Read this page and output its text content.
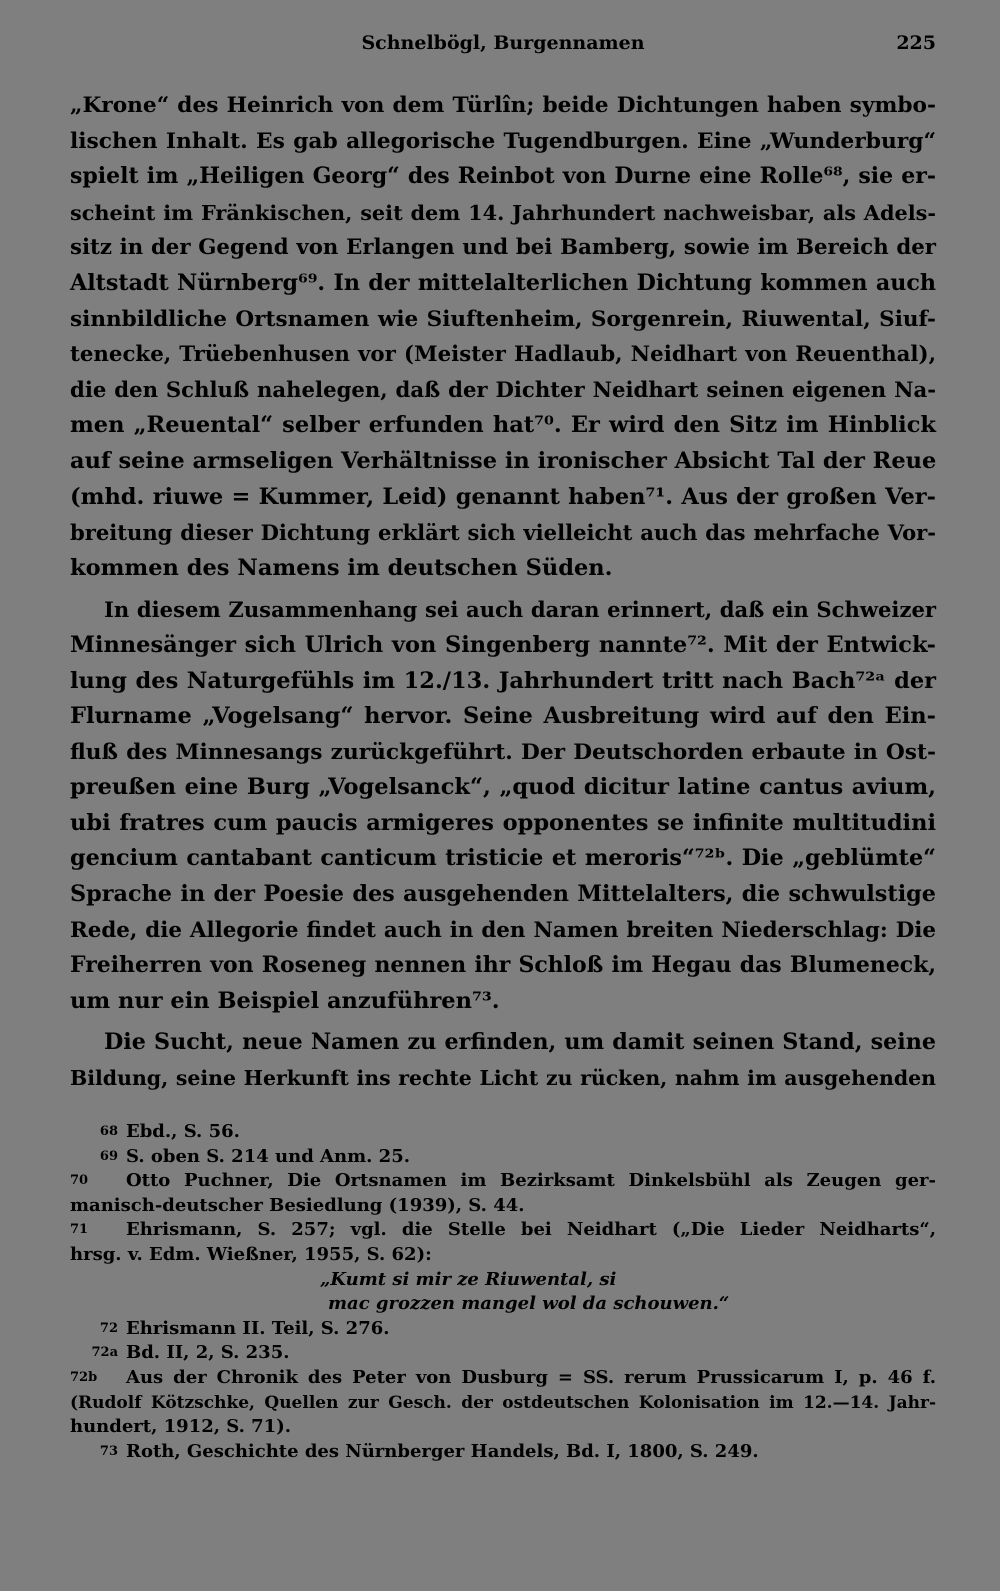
Schnelbögl, Burgennamen	225

„Krone“ des Heinrich von dem Türlîn; beide Dichtungen haben symbo-
lischen Inhalt. Es gab allegorische Tugendburgen. Eine „Wunderburg“
spielt im „Heiligen Georg“ des Reinbot von Durne eine Rolle⁶⁸, sie er-
scheint im Fränkischen, seit dem 14. Jahrhundert nachweisbar, als Adels-
sitz in der Gegend von Erlangen und bei Bamberg, sowie im Bereich der
Altstadt Nürnberg⁶⁹. In der mittelalterlichen Dichtung kommen auch
sinnbildliche Ortsnamen wie Siuftenheim, Sorgenrein, Riuwental, Siuf-
tenecke, Trüebenhusen vor (Meister Hadlaub, Neidhart von Reuenthal),
die den Schluß nahelegen, daß der Dichter Neidhart seinen eigenen Na-
men „Reuental“ selber erfunden hat⁷⁰. Er wird den Sitz im Hinblick
auf seine armseligen Verhältnisse in ironischer Absicht Tal der Reue
(mhd. riuwe = Kummer, Leid) genannt haben⁷¹. Aus der großen Ver-
breitung dieser Dichtung erklärt sich vielleicht auch das mehrfache Vor-
kommen des Namens im deutschen Süden.

In diesem Zusammenhang sei auch daran erinnert, daß ein Schweizer
Minnesänger sich Ulrich von Singenberg nannte⁷². Mit der Entwick-
lung des Naturgefühls im 12./13. Jahrhundert tritt nach Bach⁷²ᵃ der
Flurname „Vogelsang“ hervor. Seine Ausbreitung wird auf den Ein-
fluß des Minnesangs zurückgeführt. Der Deutschorden erbaute in Ost-
preußen eine Burg „Vogelsanck“, „quod dicitur latine cantus avium,
ubi fratres cum paucis armigeres opponentes se infinite multitudini
gencium cantabant canticum tristicie et meroris“⁷²ᵇ. Die „geblümte“
Sprache in der Poesie des ausgehenden Mittelalters, die schwulstige
Rede, die Allegorie findet auch in den Namen breiten Niederschlag: Die
Freiherren von Roseneg nennen ihr Schloß im Hegau das Blumeneck,
um nur ein Beispiel anzuführen⁷³.

Die Sucht, neue Namen zu erfinden, um damit seinen Stand, seine
Bildung, seine Herkunft ins rechte Licht zu rücken, nahm im ausgehenden

68 Ebd., S. 56.
69 S. oben S. 214 und Anm. 25.
70 Otto Puchner, Die Ortsnamen im Bezirksamt Dinkelsbühl als Zeugen ger-
manisch-deutscher Besiedlung (1939), S. 44.
71 Ehrismann, S. 257; vgl. die Stelle bei Neidhart („Die Lieder Neidharts“,
hrsg. v. Edm. Wießner, 1955, S. 62):
„Kumt si mir ze Riuwental, si
mac grozzen mangel wol da schouwen.“
72 Ehrismann II. Teil, S. 276.
72a Bd. II, 2, S. 235.
72b Aus der Chronik des Peter von Dusburg = SS. rerum Prussicarum I, p. 46 f.
(Rudolf Kötzschke, Quellen zur Gesch. der ostdeutschen Kolonisation im 12.—14. Jahr-
hundert, 1912, S. 71).
73 Roth, Geschichte des Nürnberger Handels, Bd. I, 1800, S. 249.
